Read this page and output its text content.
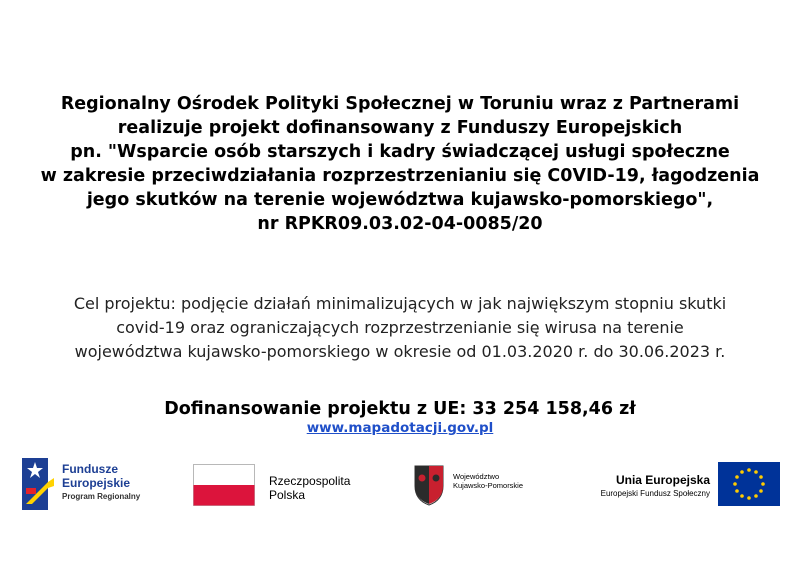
Regionalny Ośrodek Polityki Społecznej w Toruniu wraz z Partnerami
realizuje projekt dofinansowany z Funduszy Europejskich
pn. "Wsparcie osób starszych i kadry świadczącej usługi społeczne
w zakresie przeciwdziałania rozprzestrzenianiu się C0VID-19, łagodzenia
jego skutków na terenie województwa kujawsko-pomorskiego",
nr RPKR09.03.02-04-0085/20
Cel projektu: podjęcie działań minimalizujących w jak największym stopniu skutki
covid-19 oraz ograniczających rozprzestrzenianie się wirusa na terenie
województwa kujawsko-pomorskiego w okresie od 01.03.2020 r. do 30.06.2023 r.
Dofinansowanie projektu z UE: 33 254 158,46 zł
www.mapadotacji.gov.pl
Fundusze
Europejskie
Program Regionalny
Rzeczpospolita
Polska
Województwo
Kujawsko-Pomorskie	Unia Europejska
Europejski Fundusz Społeczny
